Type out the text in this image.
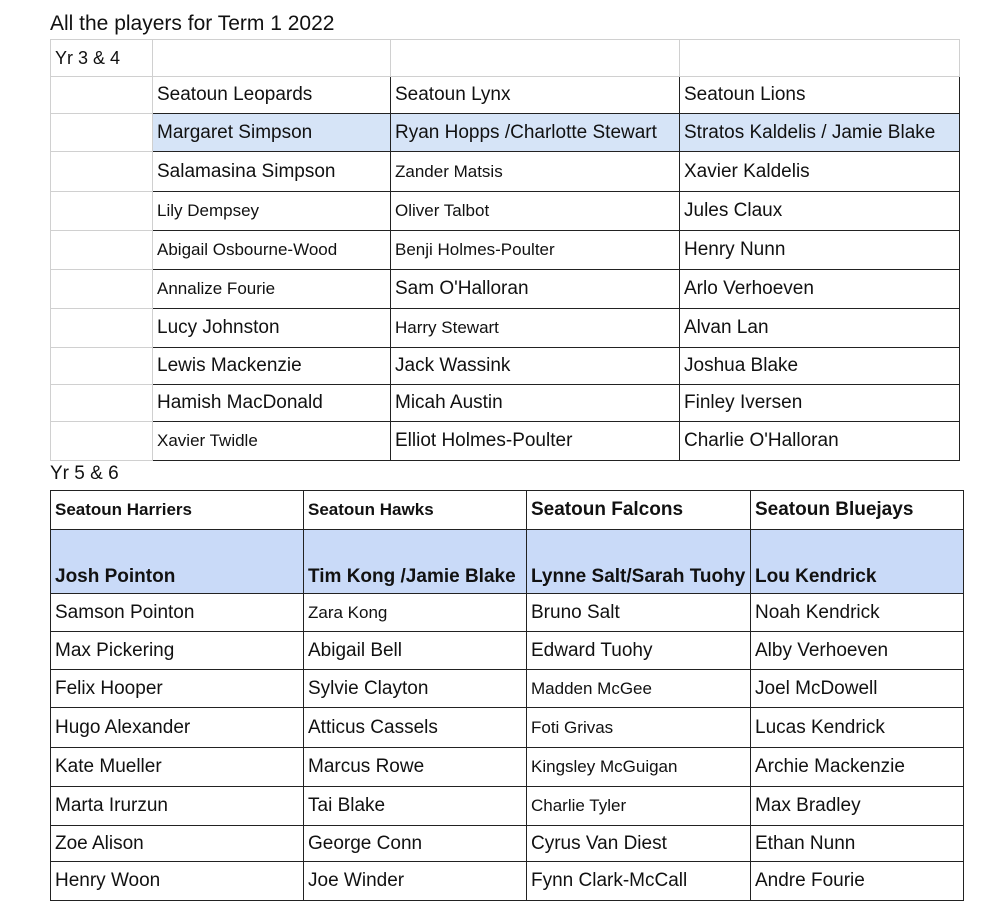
All the players for Term 1 2022
Yr 3 & 4			
	Seatoun Leopards	Seatoun Lynx	Seatoun Lions
	Margaret Simpson	Ryan Hopps /Charlotte Stewart	Stratos Kaldelis / Jamie Blake
	Salamasina Simpson	Zander Matsis	Xavier Kaldelis
	Lily Dempsey	Oliver Talbot	Jules Claux
	Abigail Osbourne-Wood	Benji Holmes-Poulter	Henry Nunn
	Annalize Fourie	Sam O'Halloran	Arlo Verhoeven
	Lucy Johnston	Harry Stewart	Alvan Lan
	Lewis Mackenzie	Jack Wassink	Joshua Blake
	Hamish MacDonald	Micah Austin	Finley Iversen
	Xavier Twidle	Elliot Holmes-Poulter	Charlie O'Halloran
Yr 5 & 6
Seatoun Harriers	Seatoun Hawks	Seatoun Falcons	Seatoun Bluejays
Josh Pointon	Tim Kong /Jamie Blake	Lynne Salt/Sarah Tuohy	Lou Kendrick
Samson Pointon	Zara Kong	Bruno Salt	Noah Kendrick
Max Pickering	Abigail Bell	Edward Tuohy	Alby Verhoeven
Felix Hooper	Sylvie Clayton	Madden McGee	Joel McDowell
Hugo Alexander	Atticus Cassels	Foti Grivas	Lucas Kendrick
Kate Mueller	Marcus Rowe	Kingsley McGuigan	Archie Mackenzie
Marta Irurzun	Tai Blake	Charlie Tyler	Max Bradley
Zoe Alison	George Conn	Cyrus Van Diest	Ethan Nunn
Henry Woon	Joe Winder	Fynn Clark-McCall	Andre Fourie
